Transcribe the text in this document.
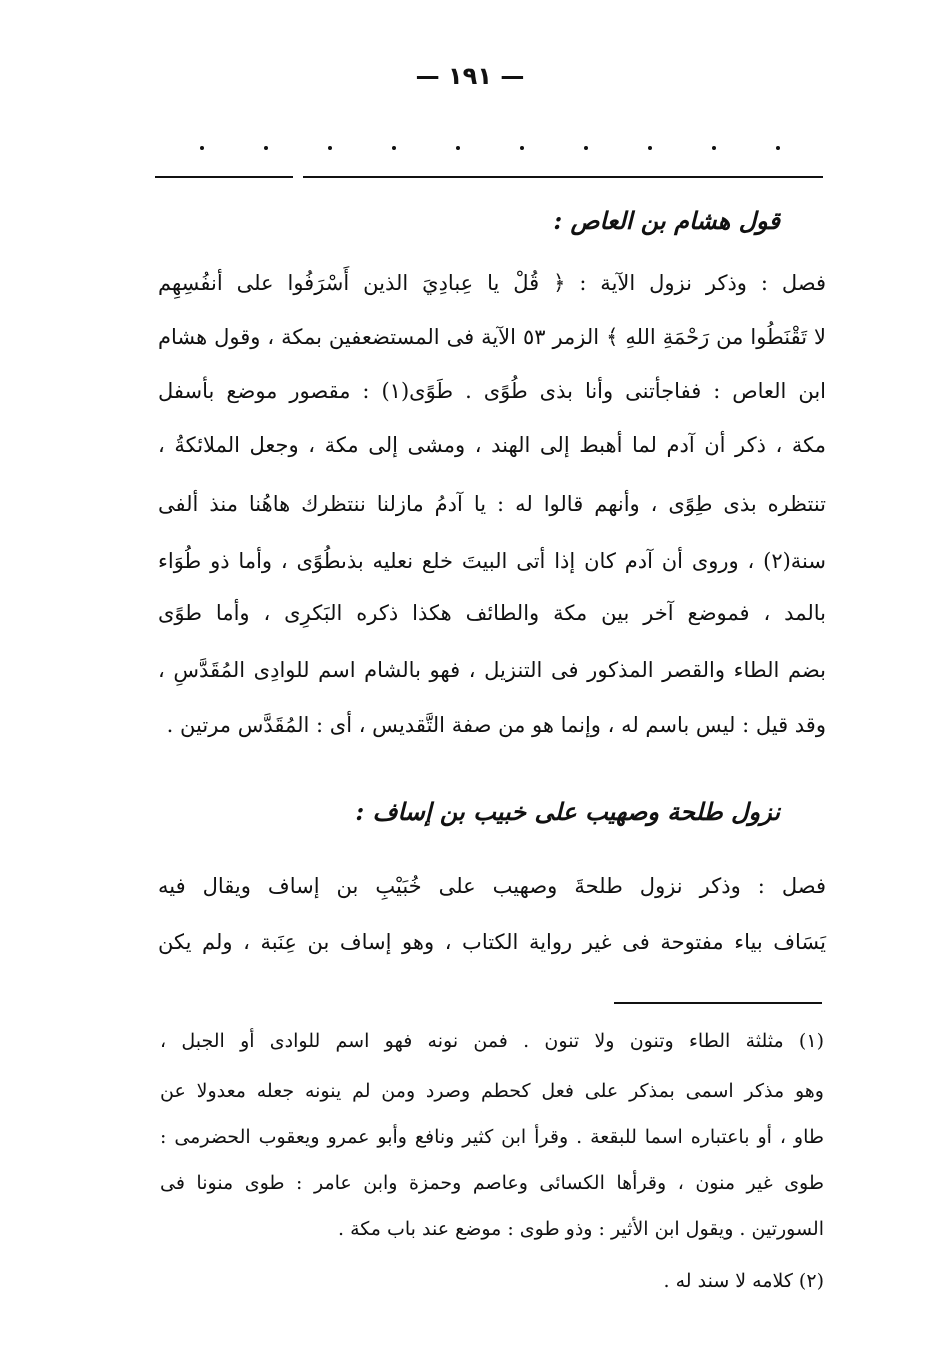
— ١٩١ —
قول هشام بن العاص :
فصل : وذكر نزول الآية : ﴿ قُلْ يا عِبادِيَ الذين أَسْرَفُوا على أنفُسِهِم
لا تَقْنَطُوا من رَحْمَةِ اللهِ ﴾ الزمر ٥٣ الآية فى المستضعفين بمكة ، وقول هشام
ابن العاص : ففاجأتنى وأنا بذى طُوًى . طَوًى(١) : مقصور موضع بأسفل
مكة ، ذكر أن آدم لما أهبط إلى الهند ، ومشى إلى مكة ، وجعل الملائكةُ ،
تنتظره بذى طِوًى ، وأنهم قالوا له : يا آدمُ مازلنا ننتظرك هاهُنا منذ ألفى
سنة(٢) ، وروى أن آدم كان إذا أتى البيتَ خلع نعليه بذىطُوًى ، وأما ذو طُوَاء
بالمد ، فموضع آخر بين مكة والطائف هكذا ذكره البَكرِى ، وأما طوًى
بضم الطاء والقصر المذكور فى التنزيل ، فهو بالشام اسم للوادِى المُقَدَّسِ ،
وقد قيل : ليس باسم له ، وإنما هو من صفة التَّقديس ، أى : المُقَدَّس مرتين .
نزول طلحة وصهيب على خبيب بن إساف :
فصل : وذكر نزول طلحةَ وصهيب على خُبَيْبِ بن إساف ويقال فيه
يَسَاف بياء مفتوحة فى غير رواية الكتاب ، وهو إساف بن عِنَبة ، ولم يكن
(١) مثلثة الطاء وتنون ولا تنون . فمن نونه فهو اسم للوادى أو الجبل ،
وهو مذكر اسمى بمذكر على فعل كحطم وصرد ومن لم ينونه جعله معدولا عن
طاو ، أو باعتباره اسما للبقعة . وقرأ ابن كثير ونافع وأبو عمرو ويعقوب الحضرمى :
طوى غير منون ، وقرأها الكسائى وعاصم وحمزة وابن عامر : طوى منونا فى
السورتين . ويقول ابن الأثير : وذو طوى : موضع عند باب مكة .
(٢) كلامه لا سند له .
